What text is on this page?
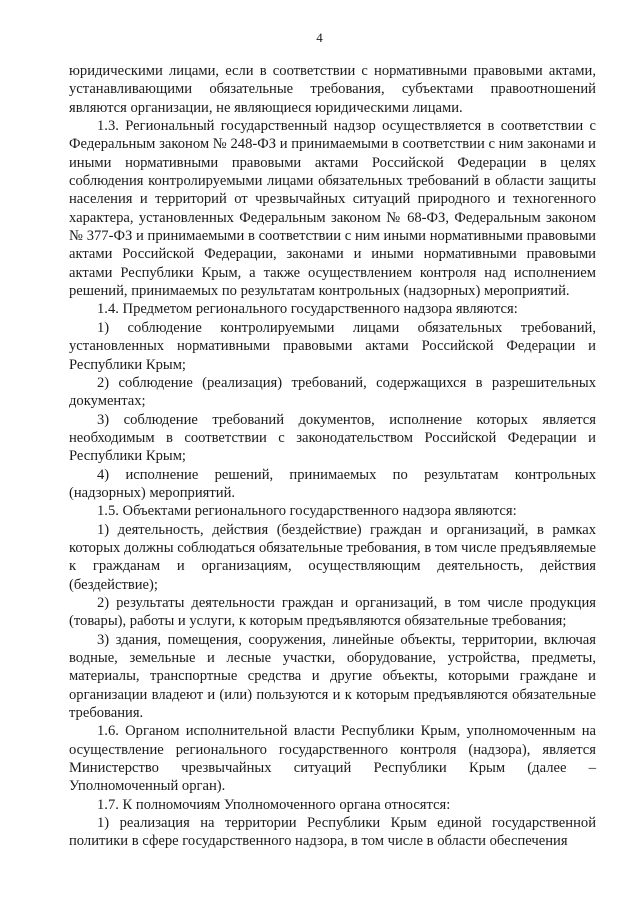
4

юридическими лицами, если в соответствии с нормативными правовыми актами, устанавливающими обязательные требования, субъектами правоотношений являются организации, не являющиеся юридическими лицами.

1.3. Региональный государственный надзор осуществляется в соответствии с Федеральным законом № 248-ФЗ и принимаемыми в соответствии с ним законами и иными нормативными правовыми актами Российской Федерации в целях соблюдения контролируемыми лицами обязательных требований в области защиты населения и территорий от чрезвычайных ситуаций природного и техногенного характера, установленных Федеральным законом № 68-ФЗ, Федеральным законом № 377-ФЗ и принимаемыми в соответствии с ним иными нормативными правовыми актами Российской Федерации, законами и иными нормативными правовыми актами Республики Крым, а также осуществлением контроля над исполнением решений, принимаемых по результатам контрольных (надзорных) мероприятий.

1.4. Предметом регионального государственного надзора являются:

1) соблюдение контролируемыми лицами обязательных требований, установленных нормативными правовыми актами Российской Федерации и Республики Крым;

2) соблюдение (реализация) требований, содержащихся в разрешительных документах;

3) соблюдение требований документов, исполнение которых является необходимым в соответствии с законодательством Российской Федерации и Республики Крым;

4) исполнение решений, принимаемых по результатам контрольных (надзорных) мероприятий.

1.5. Объектами регионального государственного надзора являются:

1) деятельность, действия (бездействие) граждан и организаций, в рамках которых должны соблюдаться обязательные требования, в том числе предъявляемые к гражданам и организациям, осуществляющим деятельность, действия (бездействие);

2) результаты деятельности граждан и организаций, в том числе продукция (товары), работы и услуги, к которым предъявляются обязательные требования;

3) здания, помещения, сооружения, линейные объекты, территории, включая водные, земельные и лесные участки, оборудование, устройства, предметы, материалы, транспортные средства и другие объекты, которыми граждане и организации владеют и (или) пользуются и к которым предъявляются обязательные требования.

1.6. Органом исполнительной власти Республики Крым, уполномоченным на осуществление регионального государственного контроля (надзора), является Министерство чрезвычайных ситуаций Республики Крым (далее – Уполномоченный орган).

1.7. К полномочиям Уполномоченного органа относятся:

1) реализация на территории Республики Крым единой государственной политики в сфере государственного надзора, в том числе в области обеспечения
